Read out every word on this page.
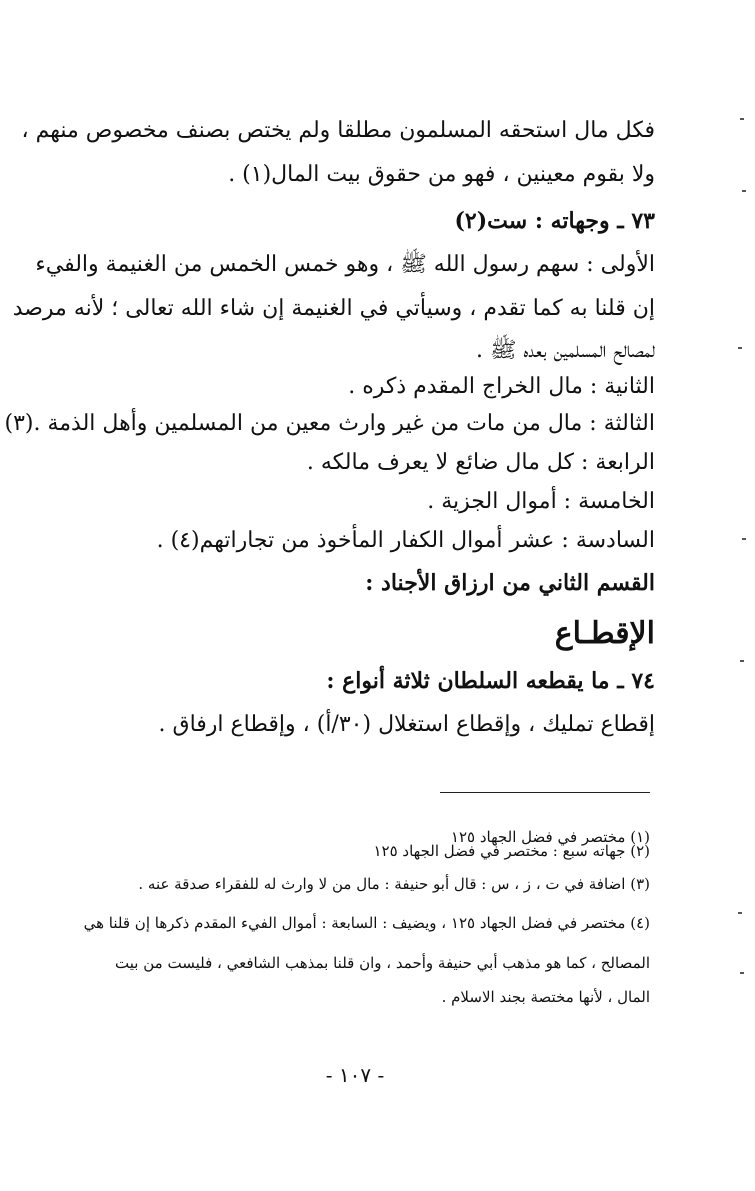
فكل مال استحقه المسلمون مطلقا ولم يختص بصنف مخصوص منهم ،
ولا بقوم معينين ، فهو من حقوق بيت المال(١) .
٧٣ ـ وجهاته : ست(٢)
الأولى : سهم رسول الله ﷺ ، وهو خمس الخمس من الغنيمة والفيء
إن قلنا به كما تقدم ، وسيأتي في الغنيمة إن شاء الله تعالى ؛ لأنه مرصد
لمصالح المسلمين بعده ﷺ .
الثانية : مال الخراج المقدم ذكره .
الثالثة : مال من مات من غير وارث معين من المسلمين وأهل الذمة .(٣)
الرابعة : كل مال ضائع لا يعرف مالكه .
الخامسة : أموال الجزية .
السادسة : عشر أموال الكفار المأخوذ من تجاراتهم(٤) .
القسم الثاني من ارزاق الأجناد :
الإقطـاع
٧٤ ـ ما يقطعه السلطان ثلاثة أنواع :
إقطاع تمليك ، وإقطاع استغلال (٣٠/أ) ، وإقطاع ارفاق .
(١) مختصر في فضل الجهاد ١٢٥
(٢) جهاته سبع : مختصر في فضل الجهاد ١٢٥
(٣) اضافة في ت ، ز ، س : قال أبو حنيفة : مال من لا وارث له للفقراء صدقة عنه .
(٤) مختصر في فضل الجهاد ١٢٥ ، ويضيف : السابعة : أموال الفيء المقدم ذكرها إن قلنا هي
المصالح ، كما هو مذهب أبي حنيفة وأحمد ، وان قلنا بمذهب الشافعي ، فليست من بيت
المال ، لأنها مختصة بجند الاسلام .
- ١٠٧ -
